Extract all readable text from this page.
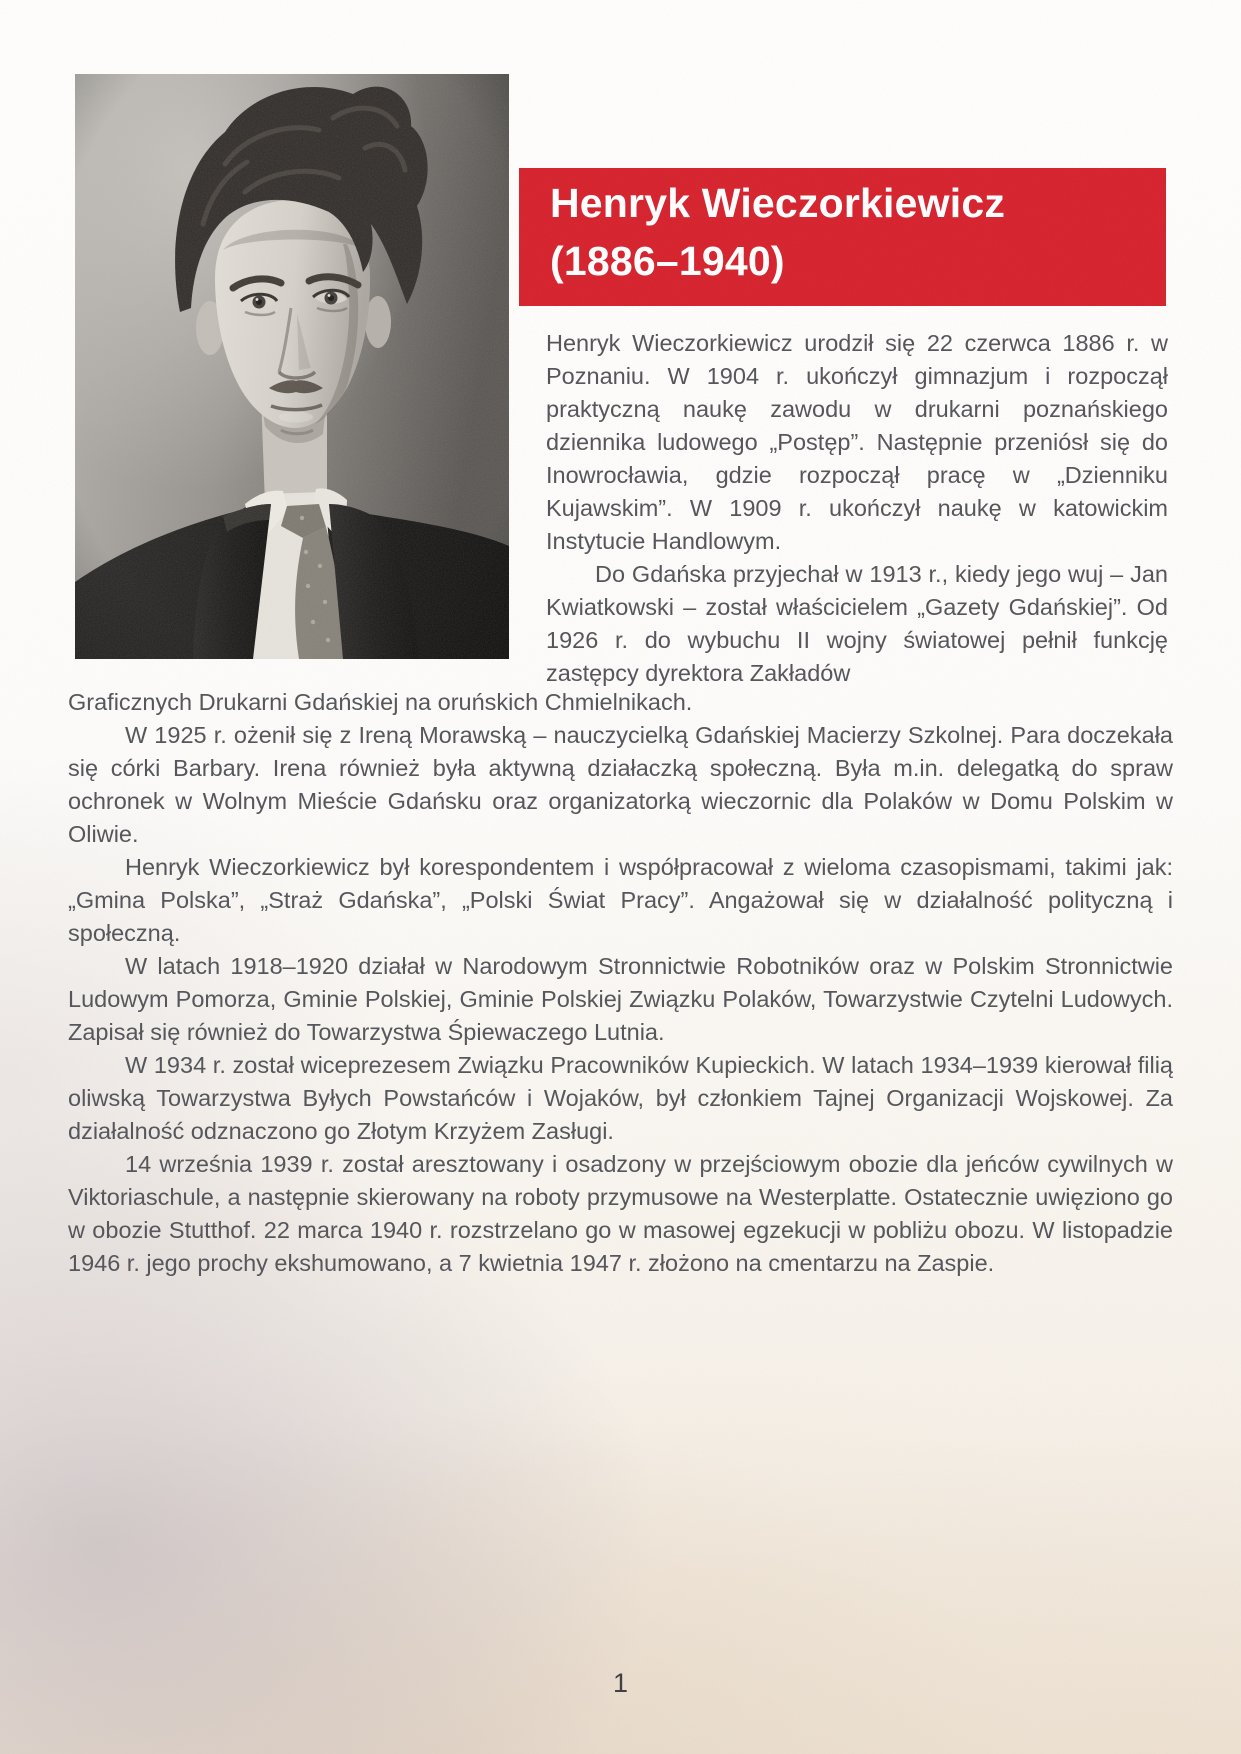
Henryk Wieczorkiewicz
(1886–1940)

Henryk Wieczorkiewicz urodził się 22 czerwca 1886 r. w Poznaniu. W 1904 r. ukończył gimnazjum i rozpoczął praktyczną naukę zawodu w drukarni poznańskiego dziennika ludowego „Postęp”. Następnie przeniósł się do Inowrocławia, gdzie rozpoczął pracę w „Dzienniku Kujawskim”. W 1909 r. ukończył naukę w katowickim Instytucie Handlowym.

Do Gdańska przyjechał w 1913 r., kiedy jego wuj – Jan Kwiatkowski – został właścicielem „Gazety Gdańskiej”. Od 1926 r. do wybuchu II wojny światowej pełnił funkcję zastępcy dyrektora Zakładów

Graficznych Drukarni Gdańskiej na oruńskich Chmielnikach.

W 1925 r. ożenił się z Ireną Morawską – nauczycielką Gdańskiej Macierzy Szkolnej. Para doczekała się córki Barbary. Irena również była aktywną działaczką społeczną. Była m.in. delegatką do spraw ochronek w Wolnym Mieście Gdańsku oraz organizatorką wieczornic dla Polaków w Domu Polskim w Oliwie.

Henryk Wieczorkiewicz był korespondentem i współpracował z wieloma czasopismami, takimi jak: „Gmina Polska”, „Straż Gdańska”, „Polski Świat Pracy”. Angażował się w działalność polityczną i społeczną.

W latach 1918–1920 działał w Narodowym Stronnictwie Robotników oraz w Polskim Stronnictwie Ludowym Pomorza, Gminie Polskiej, Gminie Polskiej Związku Polaków, Towarzystwie Czytelni Ludowych. Zapisał się również do Towarzystwa Śpiewaczego Lutnia.

W 1934 r. został wiceprezesem Związku Pracowników Kupieckich. W latach 1934–1939 kierował filią oliwską Towarzystwa Byłych Powstańców i Wojaków, był członkiem Tajnej Organizacji Wojskowej. Za działalność odznaczono go Złotym Krzyżem Zasługi.

14 września 1939 r. został aresztowany i osadzony w przejściowym obozie dla jeńców cywilnych w Viktoriaschule, a następnie skierowany na roboty przymusowe na Westerplatte. Ostatecznie uwięziono go w obozie Stutthof. 22 marca 1940 r. rozstrzelano go w masowej egzekucji w pobliżu obozu. W listopadzie 1946 r. jego prochy ekshumowano, a 7 kwietnia 1947 r. złożono na cmentarzu na Zaspie.

1
